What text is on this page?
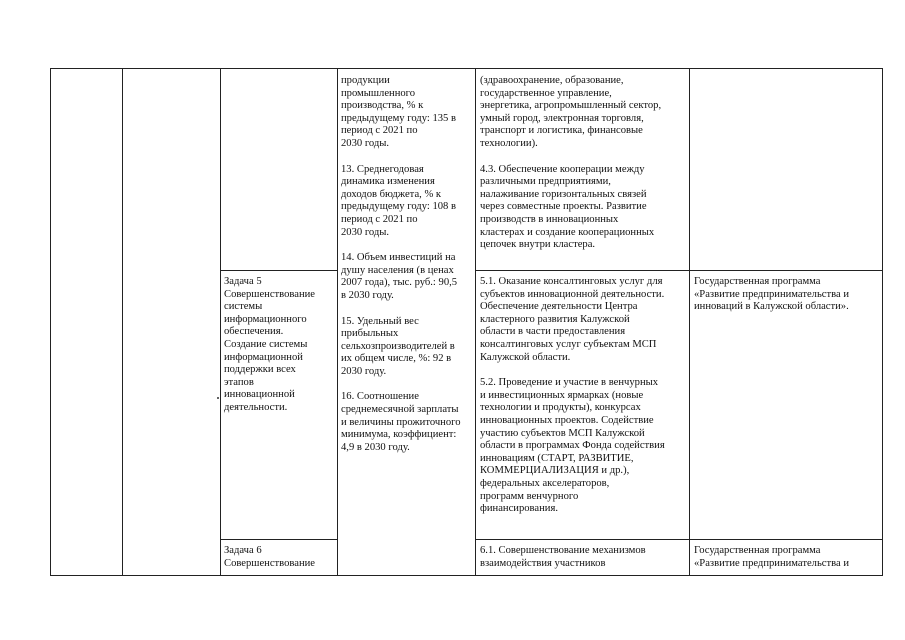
продукции
промышленного
производства, % к
предыдущему году: 135 в
период с 2021 по
2030 годы.

13. Среднегодовая
динамика изменения
доходов бюджета, % к
предыдущему году: 108 в
период с 2021 по
2030 годы.

14. Объем инвестиций на
душу населения (в ценах
2007 года), тыс. руб.: 90,5
в 2030 году.

15. Удельный вес
прибыльных
сельхозпроизводителей в
их общем числе, %: 92 в
2030 году.

16. Соотношение
среднемесячной зарплаты
и величины прожиточного
минимума, коэффициент:
4,9 в 2030 году.

(здравоохранение, образование,
государственное управление,
энергетика, агропромышленный сектор,
умный город, электронная торговля,
транспорт и логистика, финансовые
технологии).

4.3. Обеспечение кооперации между
различными предприятиями,
налаживание горизонтальных связей
через совместные проекты. Развитие
производств в инновационных
кластерах и создание кооперационных
цепочек внутри кластера.

Задача 5
Совершенствование
системы
информационного
обеспечения.
Создание системы
информационной
поддержки всех
этапов
инновационной
деятельности.

5.1. Оказание консалтинговых услуг для
субъектов инновационной деятельности.
Обеспечение деятельности Центра
кластерного развития Калужской
области в части предоставления
консалтинговых услуг субъектам МСП
Калужской области.

5.2. Проведение и участие в венчурных
и инвестиционных ярмарках (новые
технологии и продукты), конкурсах
инновационных проектов. Содействие
участию субъектов МСП Калужской
области в программах Фонда содействия
инновациям (СТАРТ, РАЗВИТИЕ,
КОММЕРЦИАЛИЗАЦИЯ и др.),
федеральных акселераторов,
программ венчурного
финансирования.

Государственная программа
«Развитие предпринимательства и
инноваций в Калужской области».

Задача 6
Совершенствование

6.1. Совершенствование механизмов
взаимодействия участников

Государственная программа
«Развитие предпринимательства и
